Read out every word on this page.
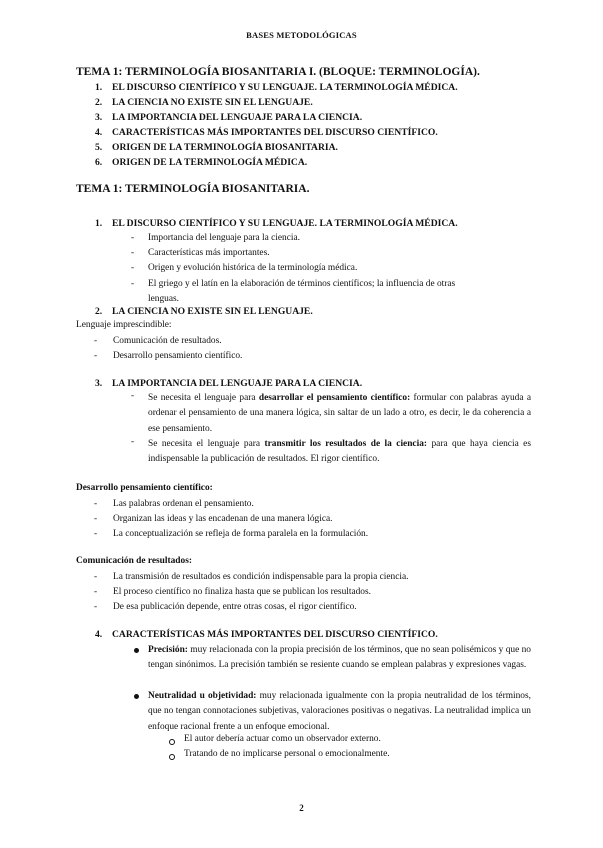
BASES METODOLÓGICAS
TEMA 1: TERMINOLOGÍA BIOSANITARIA I. (BLOQUE: TERMINOLOGÍA).
1.	EL DISCURSO CIENTÍFICO Y SU LENGUAJE. LA TERMINOLOGÍA MÉDICA.
2.	LA CIENCIA NO EXISTE SIN EL LENGUAJE.
3.	LA IMPORTANCIA DEL LENGUAJE PARA LA CIENCIA.
4.	CARACTERÍSTICAS MÁS IMPORTANTES DEL DISCURSO CIENTÍFICO.
5.	ORIGEN DE LA TERMINOLOGÍA BIOSANITARIA.
6.	ORIGEN DE LA TERMINOLOGÍA MÉDICA.
TEMA 1: TERMINOLOGÍA BIOSANITARIA.
1.	EL DISCURSO CIENTÍFICO Y SU LENGUAJE. LA TERMINOLOGÍA MÉDICA.
-	Importancia del lenguaje para la ciencia.
-	Características más importantes.
-	Origen y evolución histórica de la terminología médica.
-	El griego y el latín en la elaboración de términos científicos; la influencia de otras
lenguas.
2.	LA CIENCIA NO EXISTE SIN EL LENGUAJE.
Lenguaje imprescindible:
-	Comunicación de resultados.
-	Desarrollo pensamiento científico.
3.	LA IMPORTANCIA DEL LENGUAJE PARA LA CIENCIA.
- Se necesita el lenguaje para desarrollar el pensamiento científico: formular con palabras ayuda a ordenar el pensamiento de una manera lógica, sin saltar de un lado a otro, es decir, le da coherencia a ese pensamiento.
- Se necesita el lenguaje para transmitir los resultados de la ciencia: para que haya ciencia es indispensable la publicación de resultados. El rigor científico.
Desarrollo pensamiento científico:
-	Las palabras ordenan el pensamiento.
-	Organizan las ideas y las encadenan de una manera lógica.
-	La conceptualización se refleja de forma paralela en la formulación.
Comunicación de resultados:
-	La transmisión de resultados es condición indispensable para la propia ciencia.
-	El proceso científico no finaliza hasta que se publican los resultados.
-	De esa publicación depende, entre otras cosas, el rigor científico.
4.	CARACTERÍSTICAS MÁS IMPORTANTES DEL DISCURSO CIENTÍFICO.
Precisión: muy relacionada con la propia precisión de los términos, que no sean polisémicos y que no tengan sinónimos. La precisión también se resiente cuando se emplean palabras y expresiones vagas.
Neutralidad u objetividad: muy relacionada igualmente con la propia neutralidad de los términos, que no tengan connotaciones subjetivas, valoraciones positivas o negativas. La neutralidad implica un enfoque racional frente a un enfoque emocional.
El autor debería actuar como un observador externo.
Tratando de no implicarse personal o emocionalmente.
2
